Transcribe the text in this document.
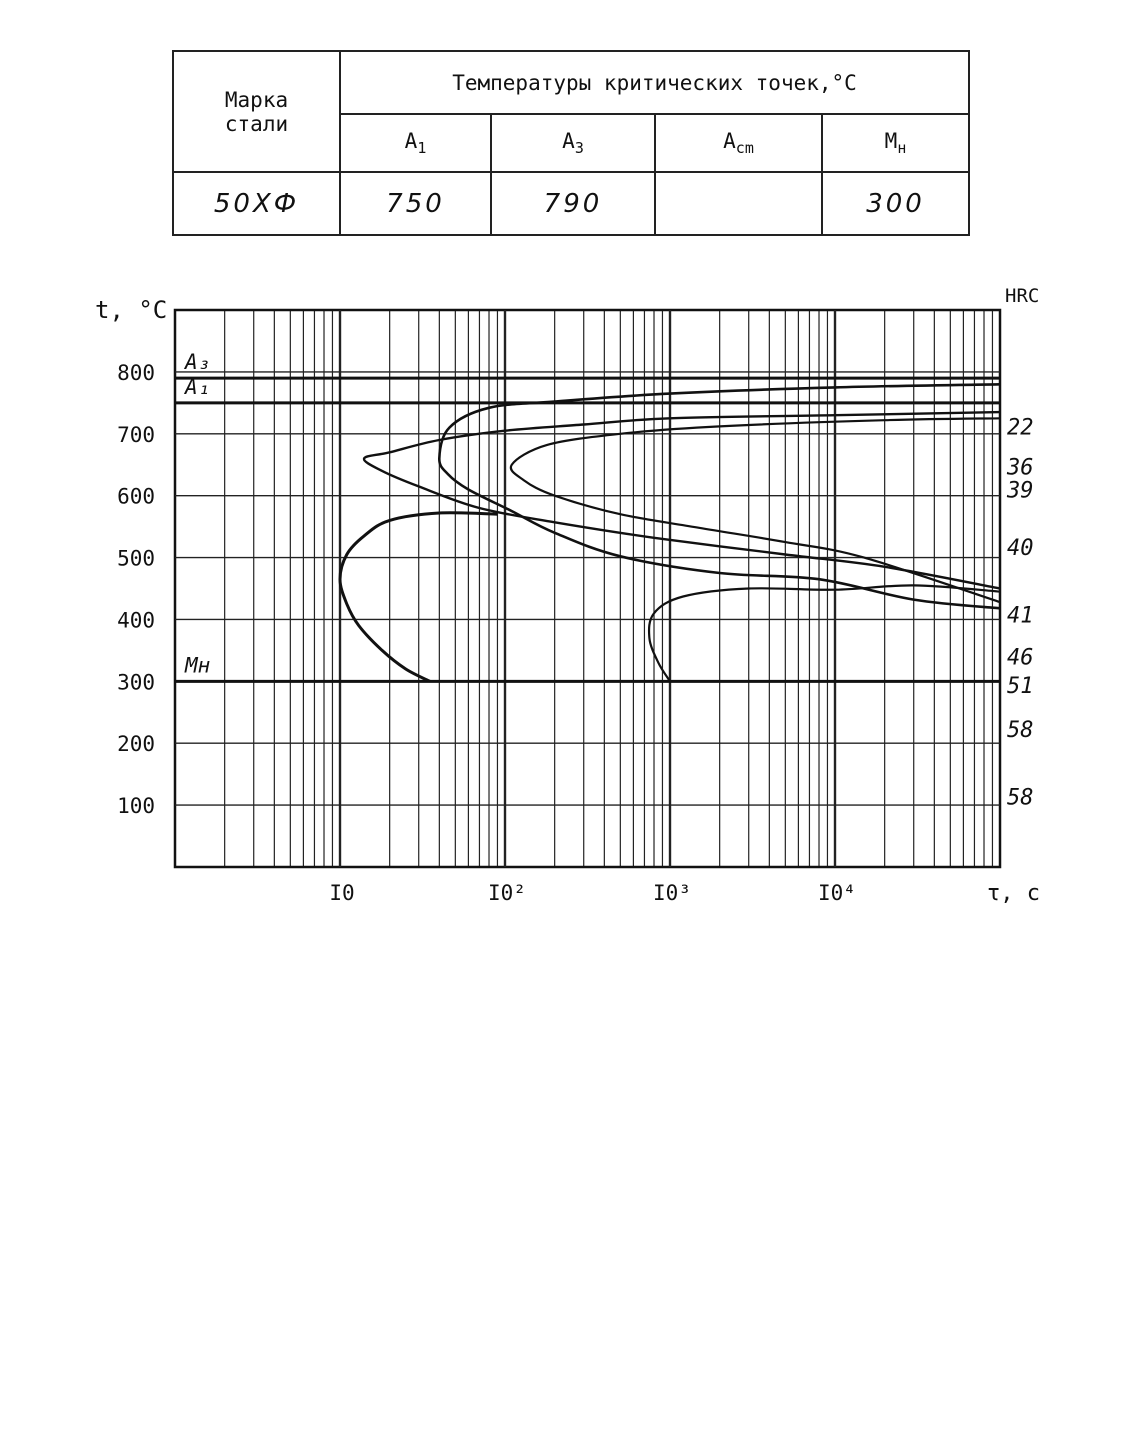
Марка
стали	Температуры критических точек,°C			
	$A_1$	$A_3$	$A_{cm}$	$M_н$
50ХФ	750	790		300
100
200
300
400
500
600
700
800
t, °C
I0	I0²	I0³	I0⁴	τ, c
HRC
22
36
39
40
41
46
51
58
58
A₃
A₁
Mн
